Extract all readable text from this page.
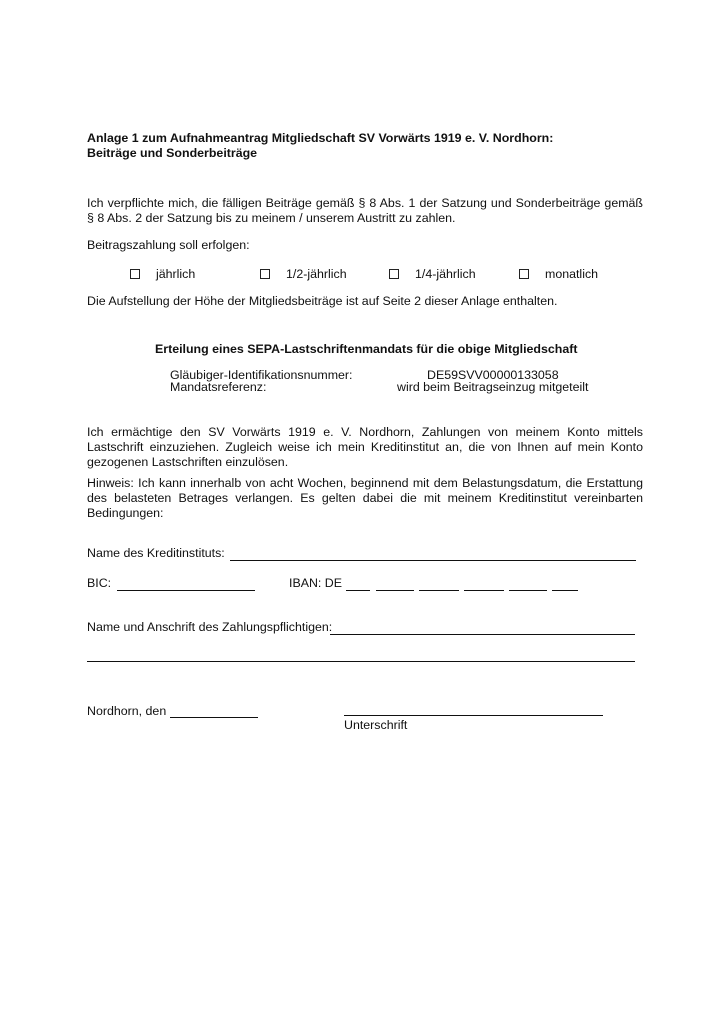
Anlage 1 zum Aufnahmeantrag Mitgliedschaft SV Vorwärts 1919 e. V. Nordhorn:
Beiträge und Sonderbeiträge
Ich verpflichte mich, die fälligen Beiträge gemäß § 8 Abs. 1 der Satzung und Sonderbeiträge gemäß § 8 Abs. 2 der Satzung bis zu meinem / unserem Austritt zu zahlen.
Beitragszahlung soll erfolgen:
jährlich	1/2-jährlich	1/4-jährlich	monatlich
Die Aufstellung der Höhe der Mitgliedsbeiträge ist auf Seite 2 dieser Anlage enthalten.
Erteilung eines SEPA-Lastschriftenmandats für die obige Mitgliedschaft
Gläubiger-Identifikationsnummer:	DE59SVV00000133058
Mandatsreferenz:	wird beim Beitragseinzug mitgeteilt
Ich ermächtige den SV Vorwärts 1919 e. V. Nordhorn, Zahlungen von meinem Konto mittels Lastschrift einzuziehen. Zugleich weise ich mein Kreditinstitut an, die von Ihnen auf mein Konto gezogenen Lastschriften einzulösen.
Hinweis: Ich kann innerhalb von acht Wochen, beginnend mit dem Belastungsdatum, die Erstattung des belasteten Betrages verlangen. Es gelten dabei die mit meinem Kreditinstitut vereinbarten Bedingungen:
Name des Kreditinstituts:
BIC:	IBAN: DE
Name und Anschrift des Zahlungspflichtigen:
Nordhorn, den
Unterschrift
